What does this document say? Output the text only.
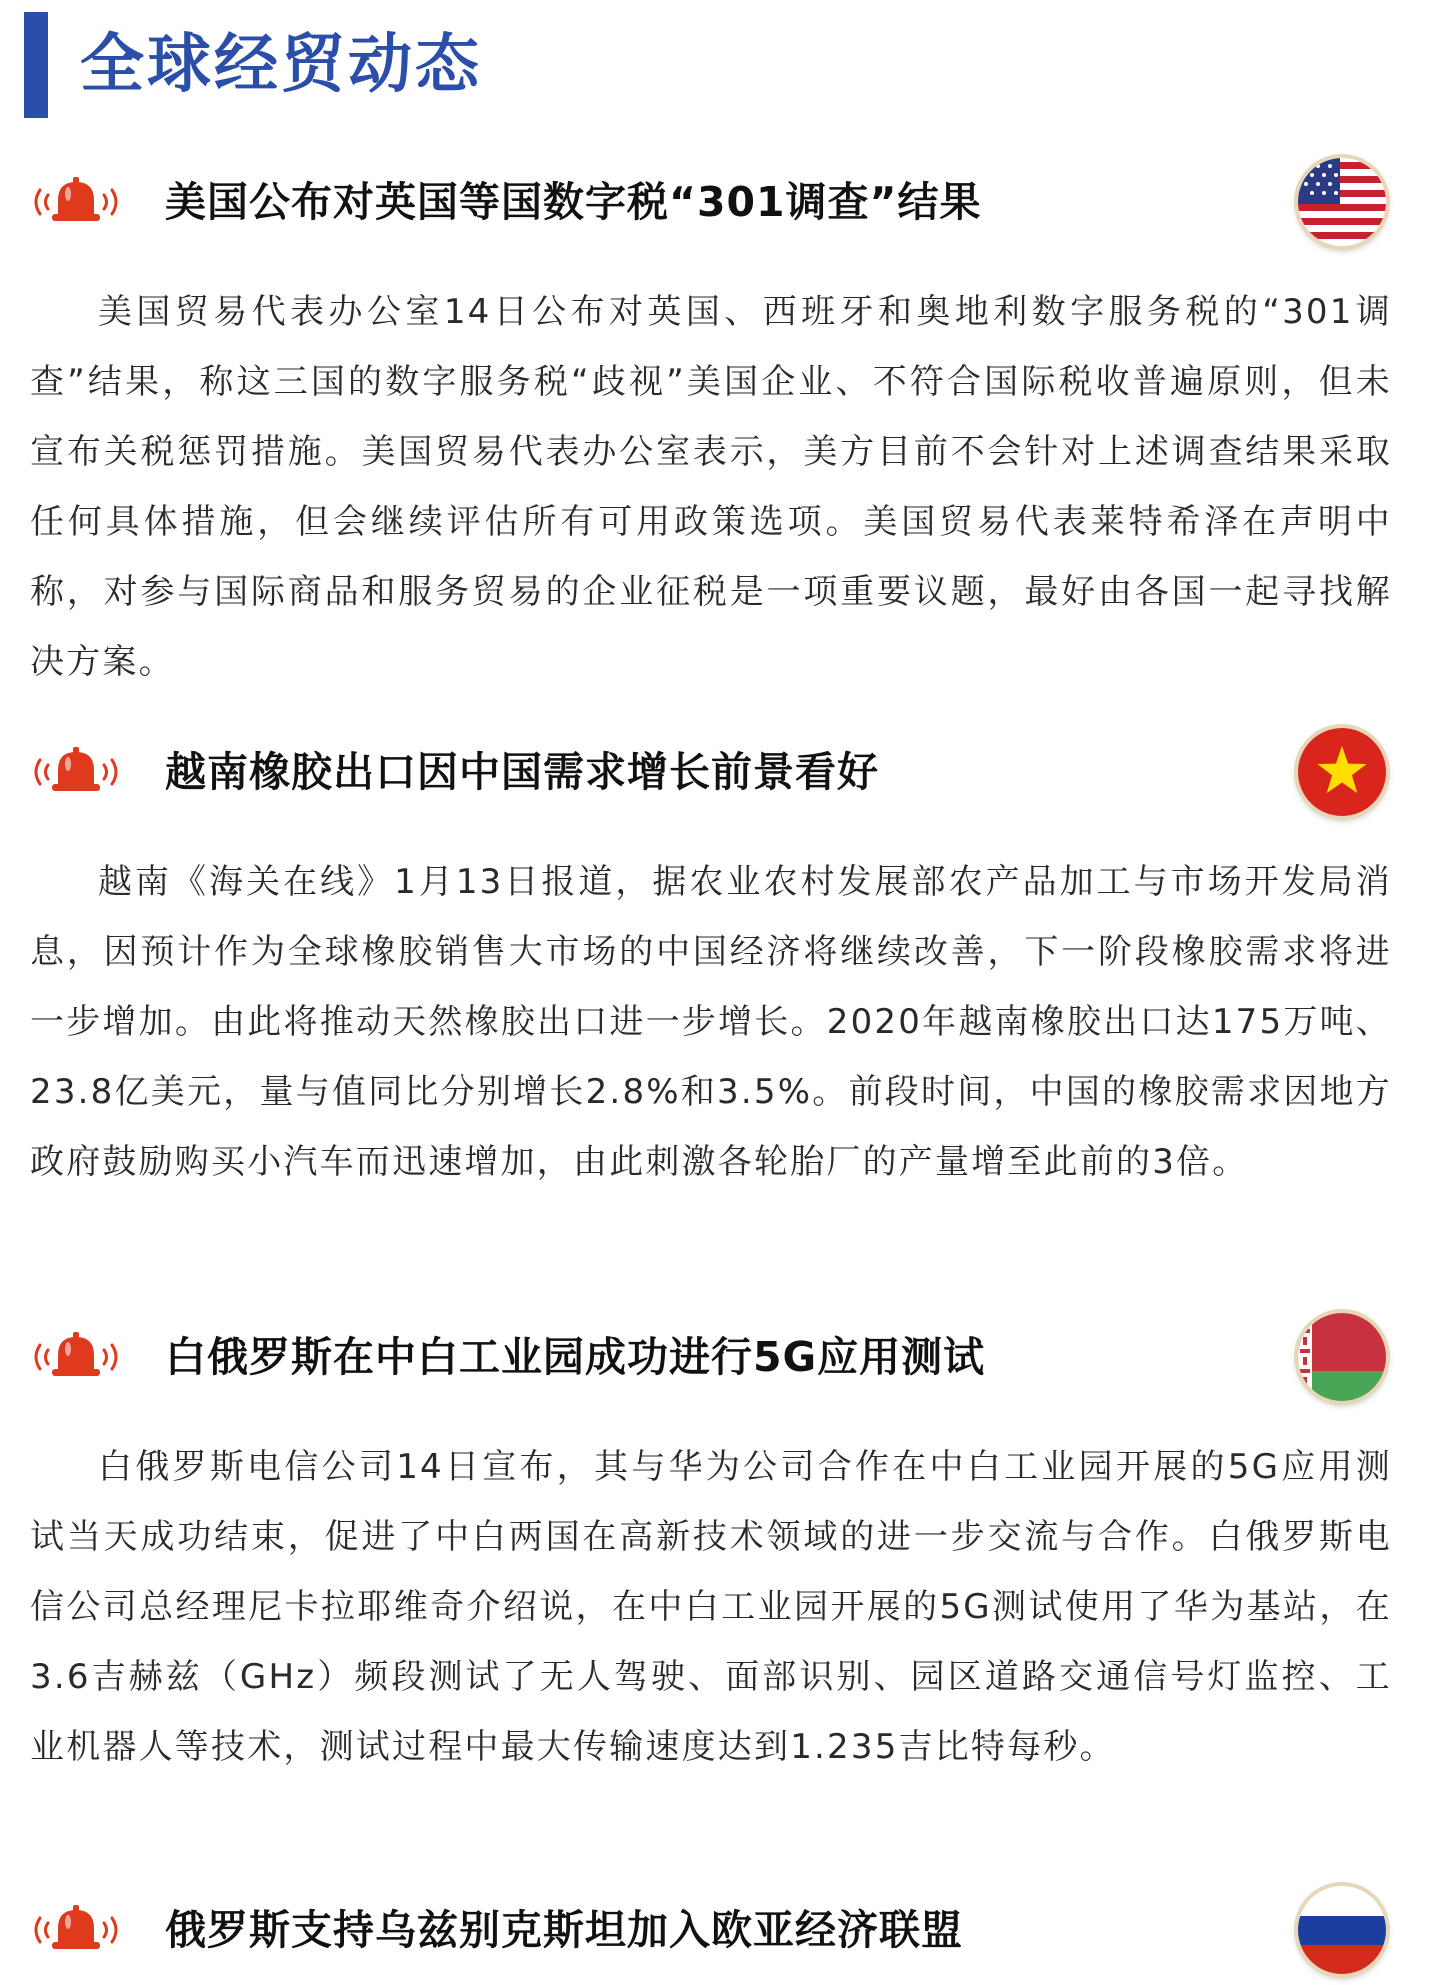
全球经贸动态
美国公布对英国等国数字税“301调查”结果

美国贸易代表办公室14日公布对英国、西班牙和奥地利数字服务税的“301调查”结果，称这三国的数字服务税“歧视”美国企业、不符合国际税收普遍原则，但未宣布关税惩罚措施。美国贸易代表办公室表示，美方目前不会针对上述调查结果采取任何具体措施，但会继续评估所有可用政策选项。美国贸易代表莱特希泽在声明中称，对参与国际商品和服务贸易的企业征税是一项重要议题，最好由各国一起寻找解决方案。

越南橡胶出口因中国需求增长前景看好

越南《海关在线》1月13日报道，据农业农村发展部农产品加工与市场开发局消息，因预计作为全球橡胶销售大市场的中国经济将继续改善，下一阶段橡胶需求将进一步增加。由此将推动天然橡胶出口进一步增长。2020年越南橡胶出口达175万吨、23.8亿美元，量与值同比分别增长2.8%和3.5%。前段时间，中国的橡胶需求因地方政府鼓励购买小汽车而迅速增加，由此刺激各轮胎厂的产量增至此前的3倍。

白俄罗斯在中白工业园成功进行5G应用测试

白俄罗斯电信公司14日宣布，其与华为公司合作在中白工业园开展的5G应用测试当天成功结束，促进了中白两国在高新技术领域的进一步交流与合作。白俄罗斯电信公司总经理尼卡拉耶维奇介绍说，在中白工业园开展的5G测试使用了华为基站，在3.6吉赫兹（GHz）频段测试了无人驾驶、面部识别、园区道路交通信号灯监控、工业机器人等技术，测试过程中最大传输速度达到1.235吉比特每秒。

俄罗斯支持乌兹别克斯坦加入欧亚经济联盟
